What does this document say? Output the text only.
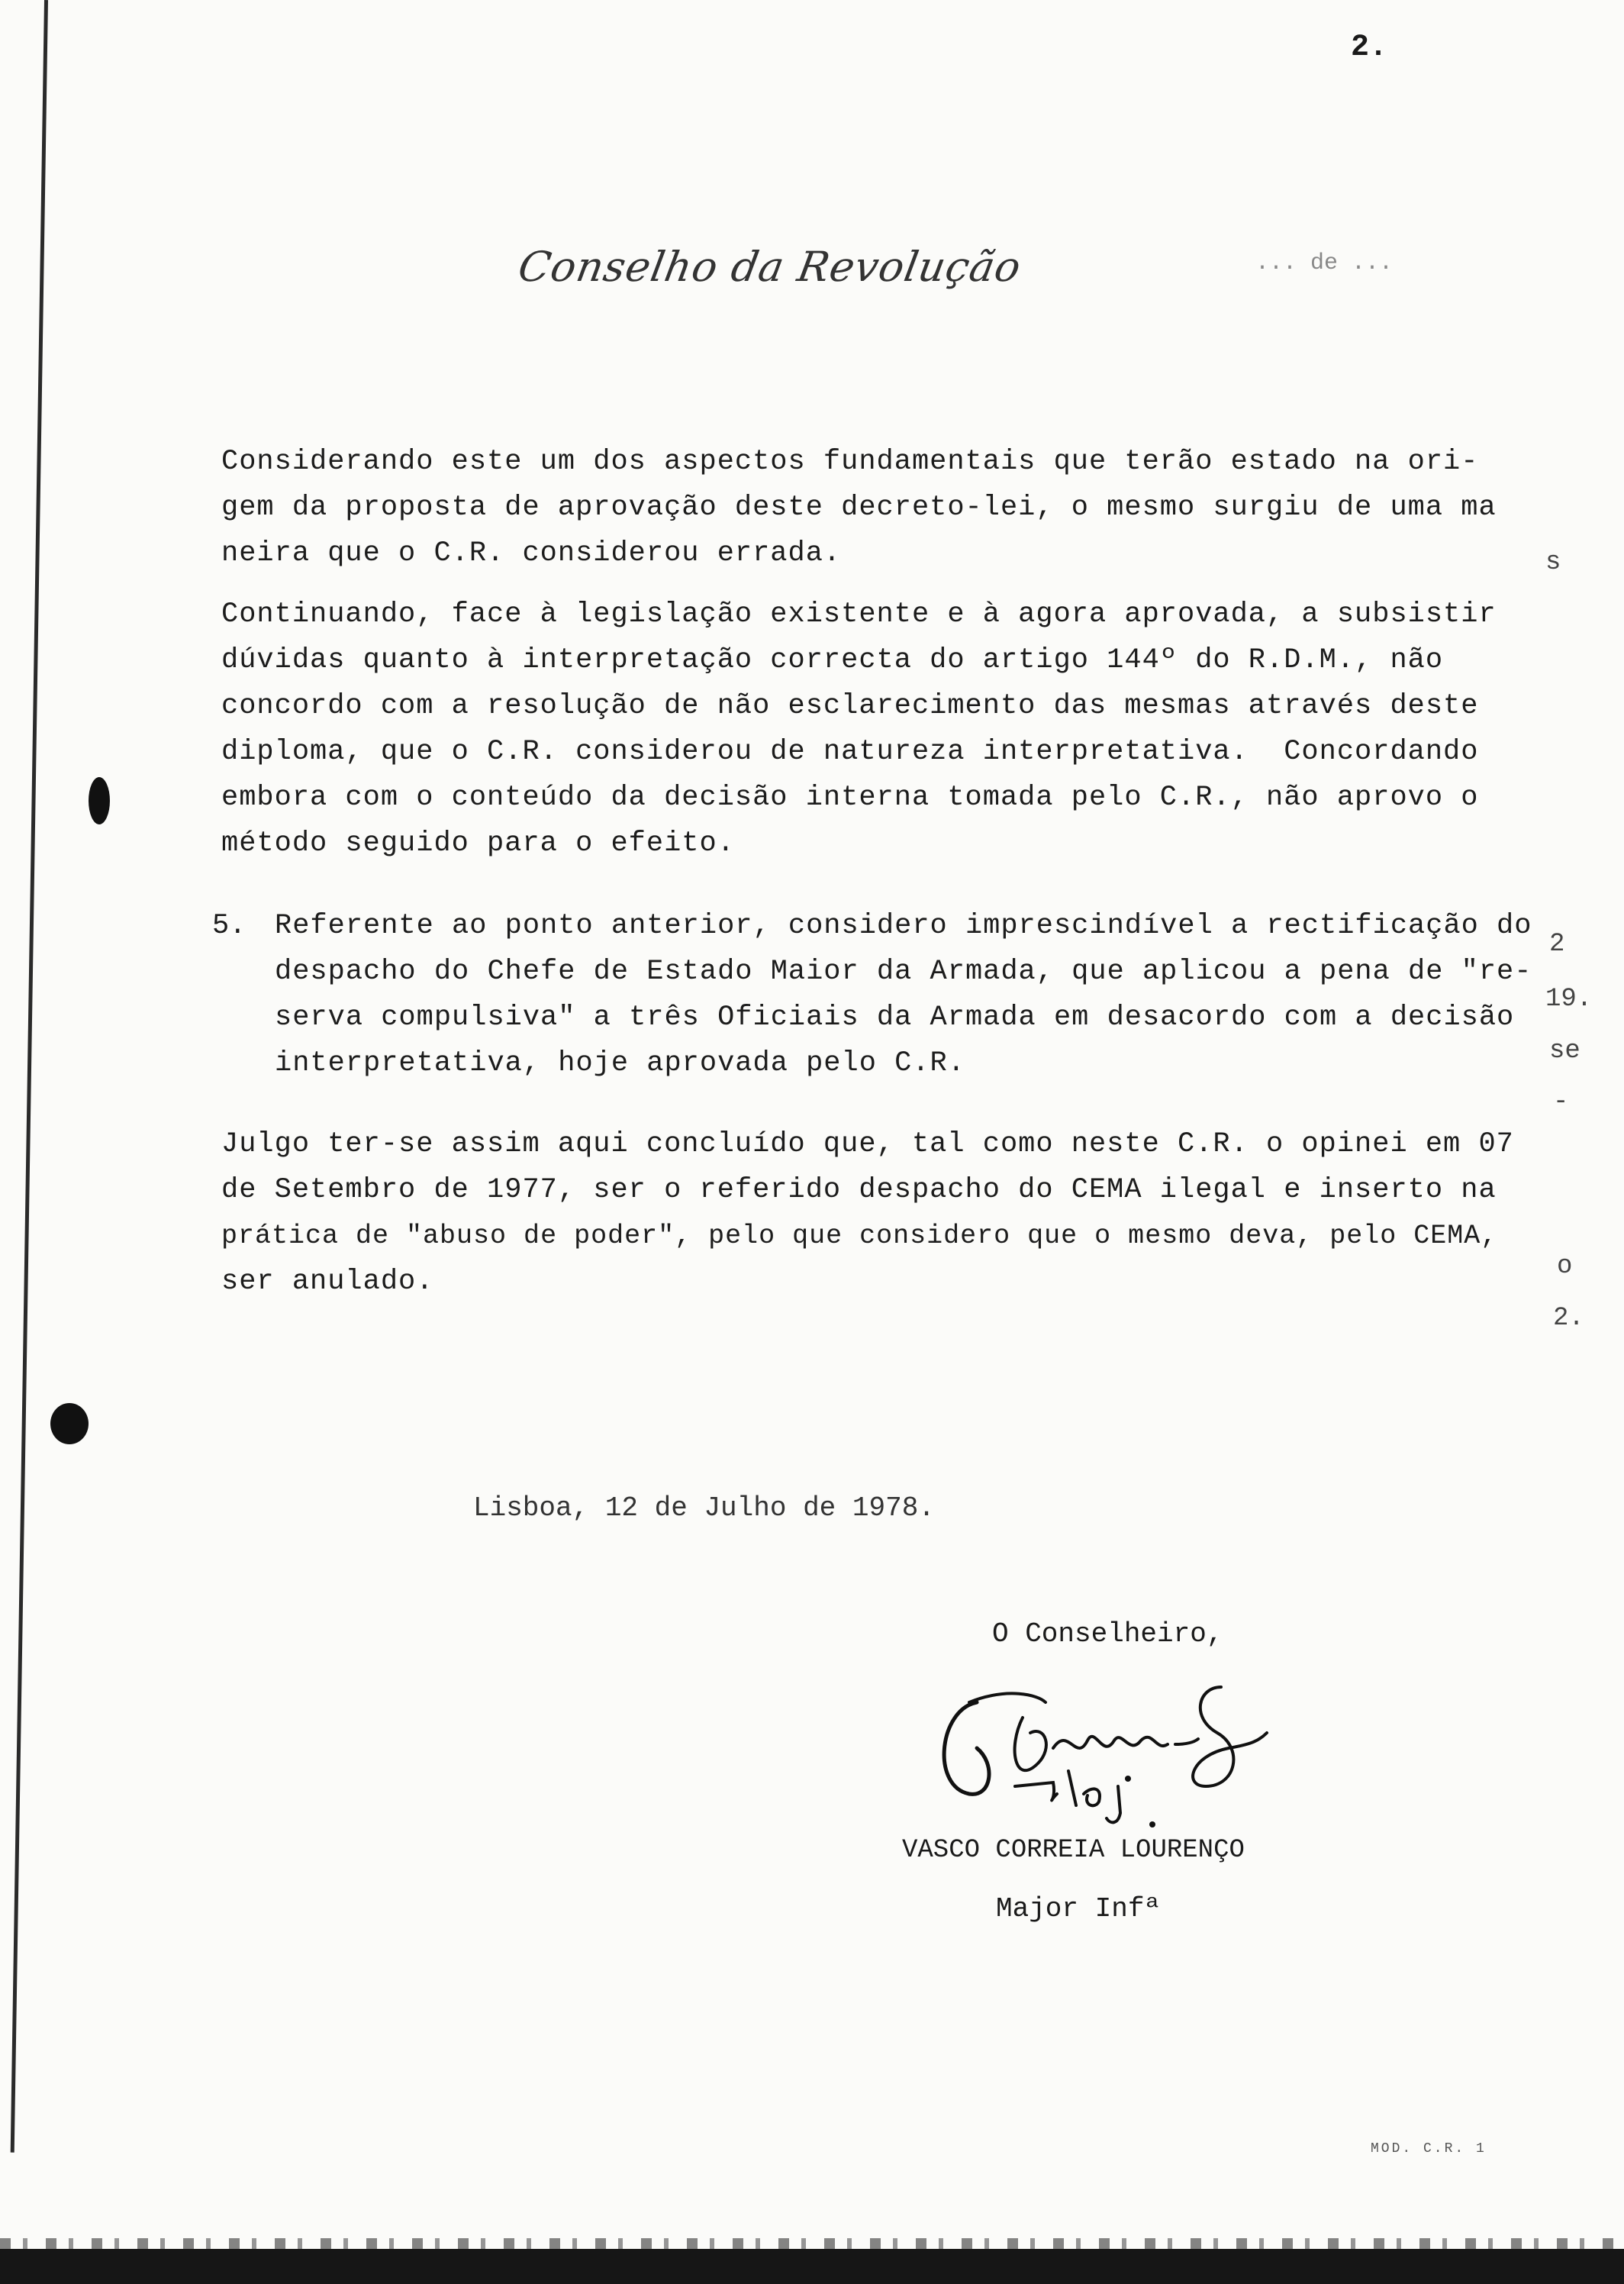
2.
Conselho da Revolução	... de ...
s
2
19.
se
-
o
2.
Considerando este um dos aspectos fundamentais que terão estado na ori-
gem da proposta de aprovação deste decreto-lei, o mesmo surgiu de uma ma
neira que o C.R. considerou errada.
Continuando, face à legislação existente e à agora aprovada, a subsistir
dúvidas quanto à interpretação correcta do artigo 144º do R.D.M., não
concordo com a resolução de não esclarecimento das mesmas através deste
diploma, que o C.R. considerou de natureza interpretativa.  Concordando
embora com o conteúdo da decisão interna tomada pelo C.R., não aprovo o
método seguido para o efeito.
5.	Referente ao ponto anterior, considero imprescindível a rectificação do
despacho do Chefe de Estado Maior da Armada, que aplicou a pena de "re-
serva compulsiva" a três Oficiais da Armada em desacordo com a decisão
interpretativa, hoje aprovada pelo C.R.
Julgo ter-se assim aqui concluído que, tal como neste C.R. o opinei em 07
de Setembro de 1977, ser o referido despacho do CEMA ilegal e inserto na
prática de "abuso de poder", pelo que considero que o mesmo deva, pelo CEMA,
ser anulado.
Lisboa, 12 de Julho de 1978.
O Conselheiro,
VASCO CORREIA LOURENÇO
Major Infª
MOD. C.R. 1
